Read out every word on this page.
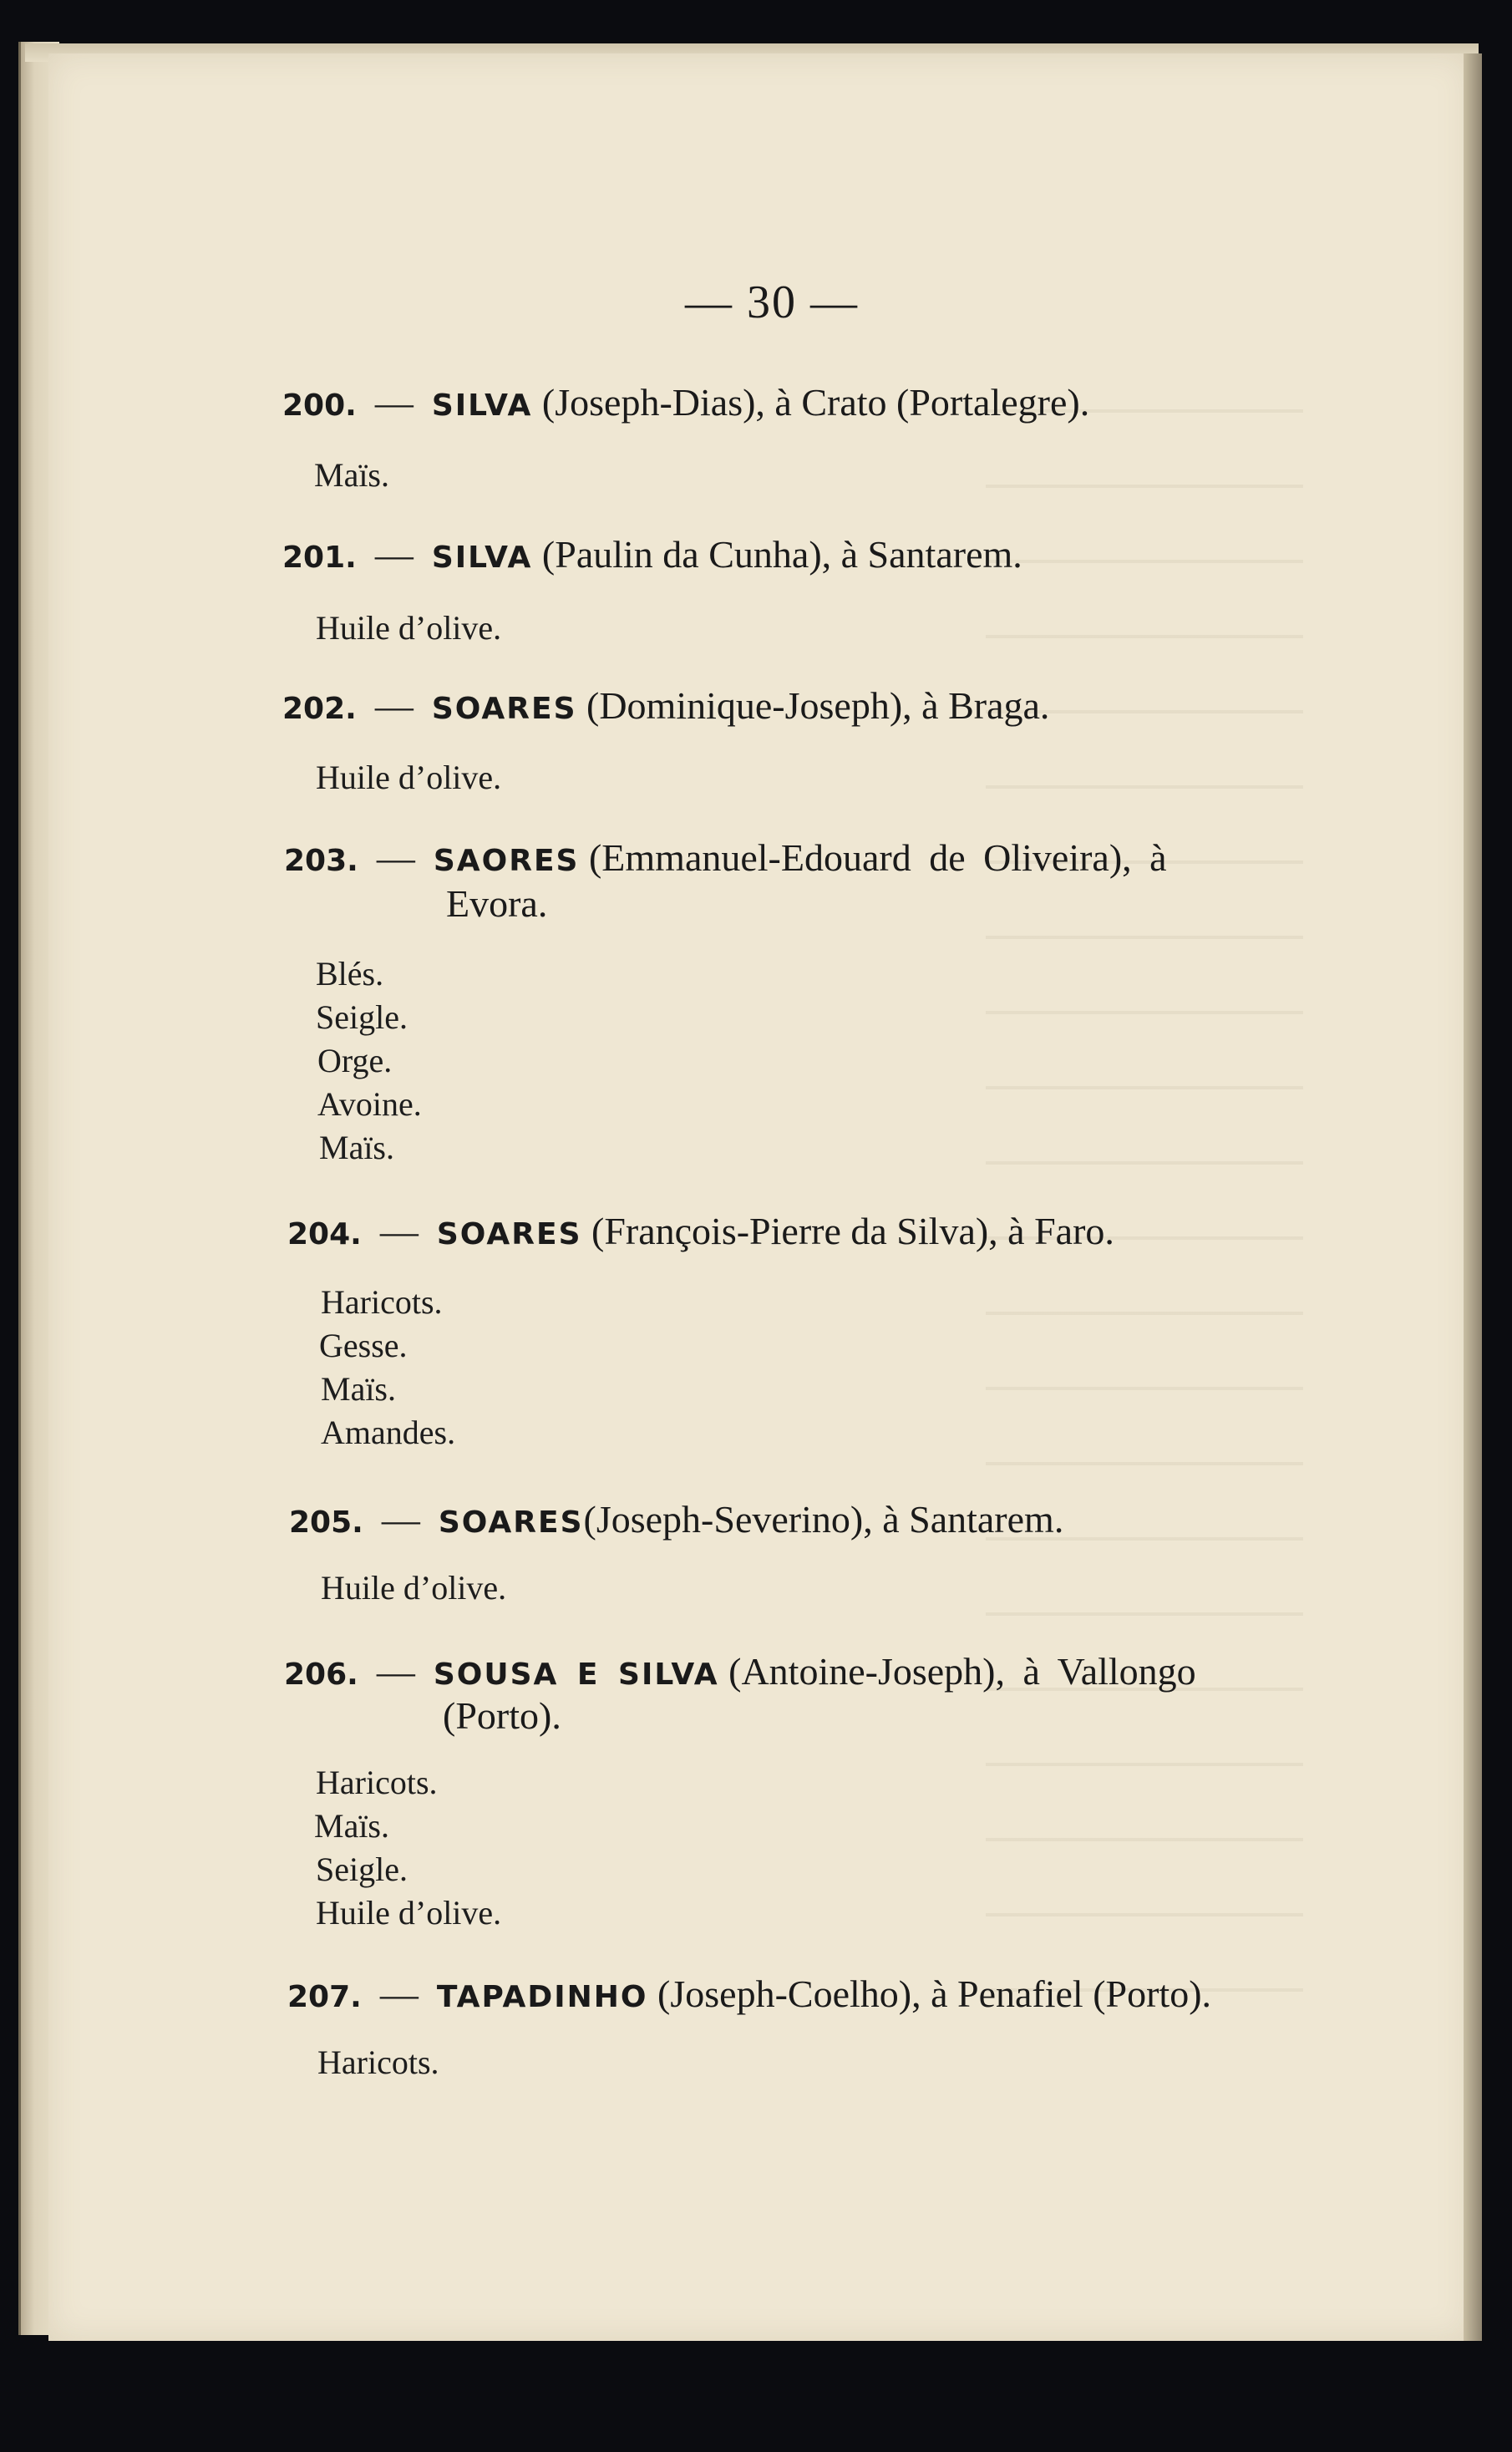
— 30 —
200. — SILVA (Joseph-Dias), à Crato (Portalegre).
Maïs.
201. — SILVA (Paulin da Cunha), à Santarem.
Huile d’olive.
202. — SOARES (Dominique-Joseph), à Braga.
Huile d’olive.
203. — SAORES (Emmanuel-Edouard de Oliveira), à
Evora.
Blés.
Seigle.
Orge.
Avoine.
Maïs.
204. — SOARES (François-Pierre da Silva), à Faro.
Haricots.
Gesse.
Maïs.
Amandes.
205. — SOARES(Joseph-Severino), à Santarem.
Huile d’olive.
206. — SOUSA E SILVA (Antoine-Joseph), à Vallongo
(Porto).
Haricots.
Maïs.
Seigle.
Huile d’olive.
207. — TAPADINHO (Joseph-Coelho), à Penafiel (Porto).
Haricots.
